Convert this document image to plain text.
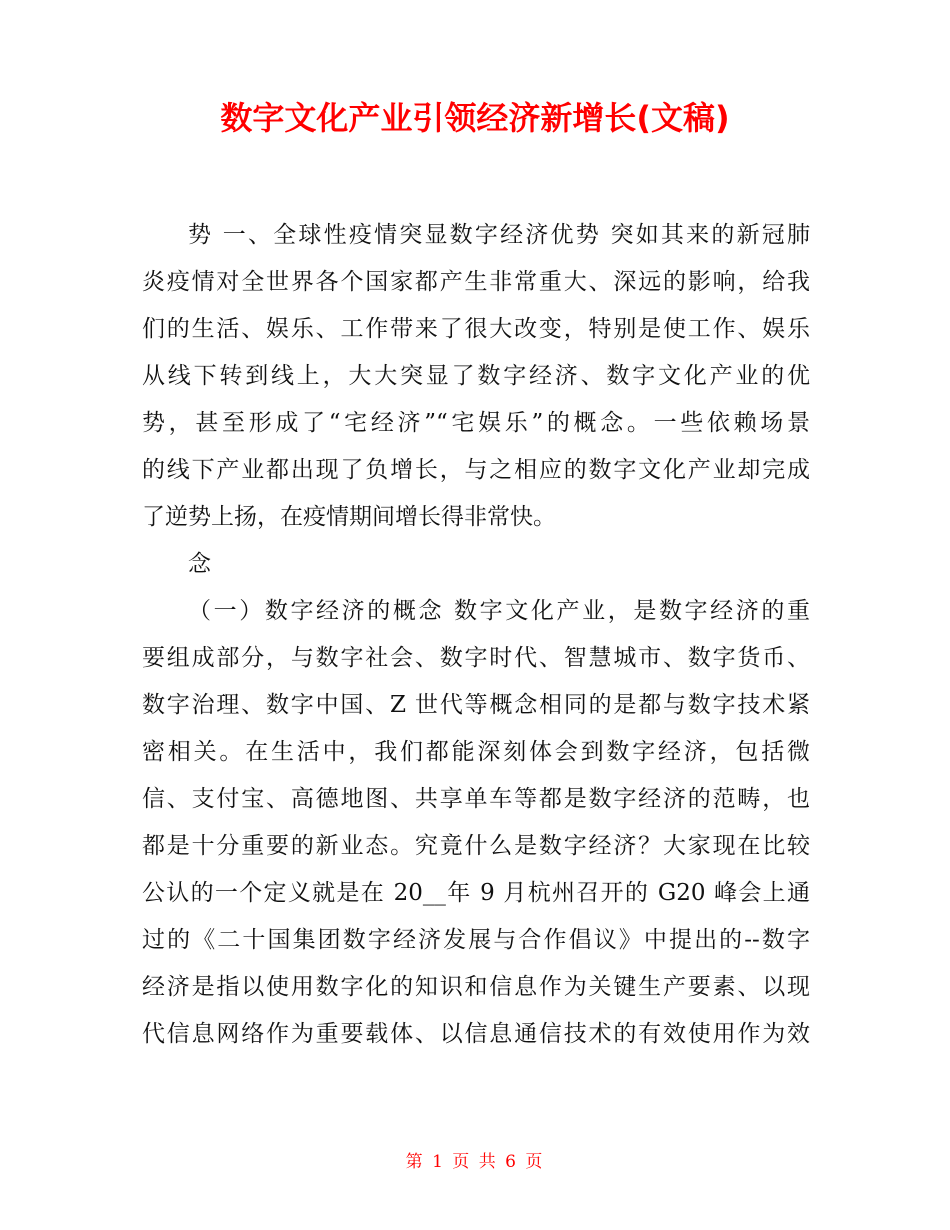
数字文化产业引领经济新增长(文稿)
势 一、全球性疫情突显数字经济优势 突如其来的新冠肺
炎疫情对全世界各个国家都产生非常重大、深远的影响，给我
们的生活、娱乐、工作带来了很大改变，特别是使工作、娱乐
从线下转到线上，大大突显了数字经济、数字文化产业的优
势，甚至形成了“宅经济”“宅娱乐”的概念。一些依赖场景
的线下产业都出现了负增长，与之相应的数字文化产业却完成
了逆势上扬，在疫情期间增长得非常快。
念
（一）数字经济的概念 数字文化产业，是数字经济的重
要组成部分，与数字社会、数字时代、智慧城市、数字货币、
数字治理、数字中国、Z 世代等概念相同的是都与数字技术紧
密相关。在生活中，我们都能深刻体会到数字经济，包括微
信、支付宝、高德地图、共享单车等都是数字经济的范畴，也
都是十分重要的新业态。究竟什么是数字经济？大家现在比较
公认的一个定义就是在 20__年 9 月杭州召开的 G20 峰会上通
过的《二十国集团数字经济发展与合作倡议》中提出的--数字
经济是指以使用数字化的知识和信息作为关键生产要素、以现
代信息网络作为重要载体、以信息通信技术的有效使用作为效
第 1 页 共 6 页
